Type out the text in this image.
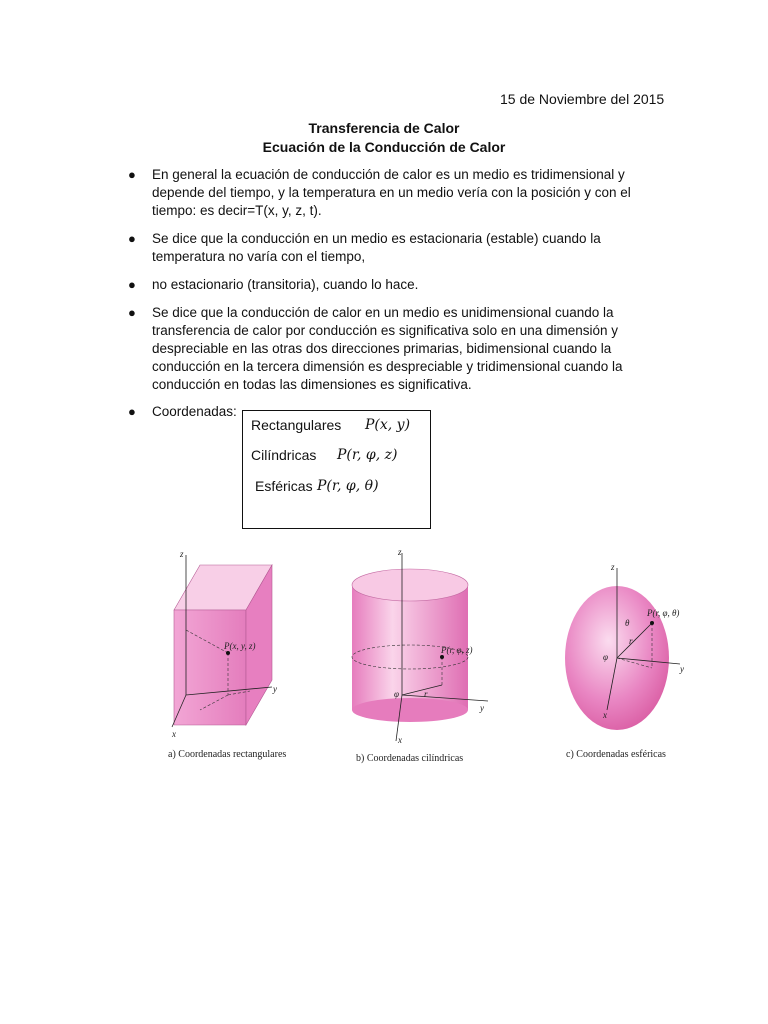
15 de Noviembre del 2015
Transferencia de Calor
Ecuación de la Conducción de Calor
● En general la ecuación de conducción de calor es un medio es tridimensional y depende del tiempo, y la temperatura en un medio vería con la posición y con el tiempo: es decir=T(x, y, z, t).
● Se dice que la conducción en un medio es estacionaria (estable) cuando la temperatura no varía con el tiempo,
● no estacionario (transitoria), cuando lo hace.
● Se dice que la conducción de calor en un medio es unidimensional cuando la transferencia de calor por conducción es significativa solo en una dimensión y despreciable en las otras dos direcciones primarias, bidimensional cuando la conducción en la tercera dimensión es despreciable y tridimensional cuando la conducción en todas las dimensiones es significativa.
● Coordenadas:
Rectangulares P(x, y)
Cilíndricas P(r, φ, z)
Esféricas P(r, φ, θ)
z
y
x
P(x, y, z)
a) Coordenadas rectangulares
z
y
x
r
φ
P(r, φ, z)
b) Coordenadas cilíndricas
z
y
x
r
φ
θ
P(r, φ, θ)
c) Coordenadas esféricas
